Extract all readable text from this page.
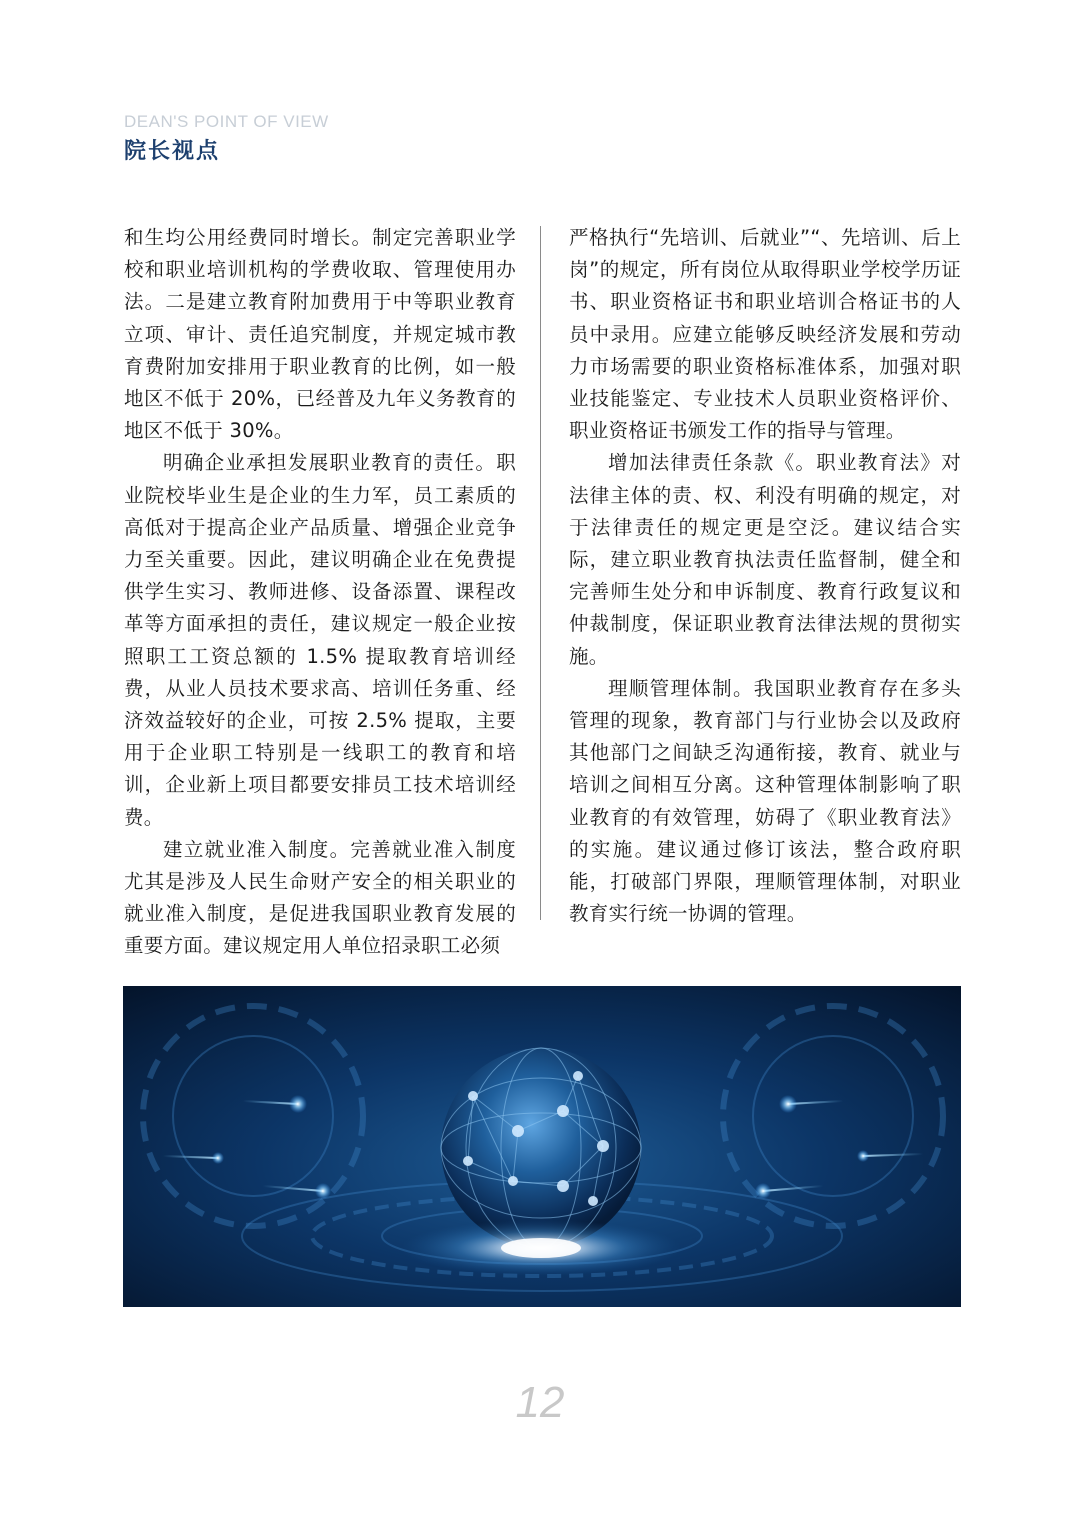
DEAN'S POINT OF VIEW

院长视点

和生均公用经费同时增长。制定完善职业学校和职业培训机构的学费收取、管理使用办法。二是建立教育附加费用于中等职业教育立项、审计、责任追究制度，并规定城市教育费附加安排用于职业教育的比例，如一般地区不低于 20%，已经普及九年义务教育的地区不低于 30%。

明确企业承担发展职业教育的责任。职业院校毕业生是企业的生力军，员工素质的高低对于提高企业产品质量、增强企业竞争力至关重要。因此，建议明确企业在免费提供学生实习、教师进修、设备添置、课程改革等方面承担的责任，建议规定一般企业按照职工工资总额的 1.5% 提取教育培训经费，从业人员技术要求高、培训任务重、经济效益较好的企业，可按 2.5% 提取，主要用于企业职工特别是一线职工的教育和培训，企业新上项目都要安排员工技术培训经费。

建立就业准入制度。完善就业准入制度尤其是涉及人民生命财产安全的相关职业的就业准入制度，是促进我国职业教育发展的重要方面。建议规定用人单位招录职工必须

严格执行“先培训、后就业”“、先培训、后上岗”的规定，所有岗位从取得职业学校学历证书、职业资格证书和职业培训合格证书的人员中录用。应建立能够反映经济发展和劳动力市场需要的职业资格标准体系，加强对职业技能鉴定、专业技术人员职业资格评价、职业资格证书颁发工作的指导与管理。

增加法律责任条款《。职业教育法》对法律主体的责、权、利没有明确的规定，对于法律责任的规定更是空泛。建议结合实际，建立职业教育执法责任监督制，健全和完善师生处分和申诉制度、教育行政复议和仲裁制度，保证职业教育法律法规的贯彻实施。

理顺管理体制。我国职业教育存在多头管理的现象，教育部门与行业协会以及政府其他部门之间缺乏沟通衔接，教育、就业与培训之间相互分离。这种管理体制影响了职业教育的有效管理，妨碍了《职业教育法》的实施。建议通过修订该法，整合政府职能，打破部门界限，理顺管理体制，对职业教育实行统一协调的管理。

12
